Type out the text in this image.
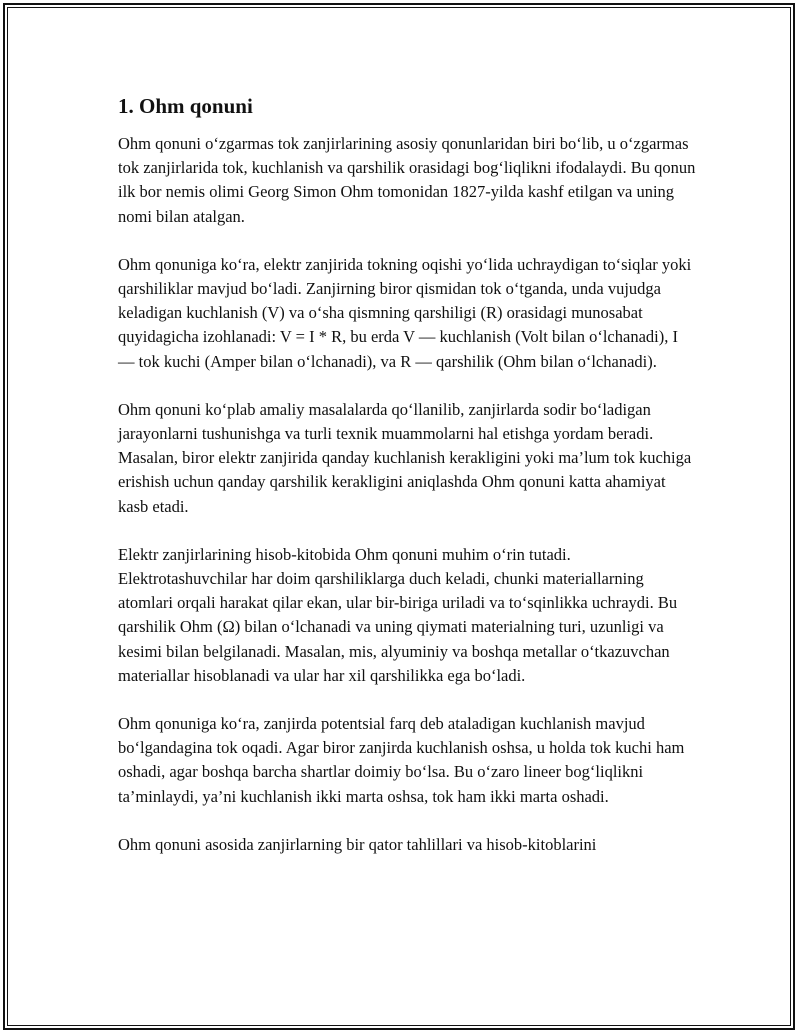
1. Ohm qonuni

Ohm qonuni o‘zgarmas tok zanjirlarining asosiy qonunlaridan biri bo‘lib, u o‘zgarmas tok zanjirlarida tok, kuchlanish va qarshilik orasidagi bog‘liqlikni ifodalaydi. Bu qonun ilk bor nemis olimi Georg Simon Ohm tomonidan 1827-yilda kashf etilgan va uning nomi bilan atalgan.

Ohm qonuniga ko‘ra, elektr zanjirida tokning oqishi yo‘lida uchraydigan to‘siqlar yoki qarshiliklar mavjud bo‘ladi. Zanjirning biror qismidan tok o‘tganda, unda vujudga keladigan kuchlanish (V) va o‘sha qismning qarshiligi (R) orasidagi munosabat quyidagicha izohlanadi: V = I * R, bu erda V — kuchlanish (Volt bilan o‘lchanadi), I — tok kuchi (Amper bilan o‘lchanadi), va R — qarshilik (Ohm bilan o‘lchanadi).

Ohm qonuni ko‘plab amaliy masalalarda qo‘llanilib, zanjirlarda sodir bo‘ladigan jarayonlarni tushunishga va turli texnik muammolarni hal etishga yordam beradi. Masalan, biror elektr zanjirida qanday kuchlanish kerakligini yoki ma’lum tok kuchiga erishish uchun qanday qarshilik kerakligini aniqlashda Ohm qonuni katta ahamiyat kasb etadi.

Elektr zanjirlarining hisob-kitobida Ohm qonuni muhim o‘rin tutadi. Elektrotashuvchilar har doim qarshiliklarga duch keladi, chunki materiallarning atomlari orqali harakat qilar ekan, ular bir-biriga uriladi va to‘sqinlikka uchraydi. Bu qarshilik Ohm (Ω) bilan o‘lchanadi va uning qiymati materialning turi, uzunligi va kesimi bilan belgilanadi. Masalan, mis, alyuminiy va boshqa metallar o‘tkazuvchan materiallar hisoblanadi va ular har xil qarshilikka ega bo‘ladi.

Ohm qonuniga ko‘ra, zanjirda potentsial farq deb ataladigan kuchlanish mavjud bo‘lgandagina tok oqadi. Agar biror zanjirda kuchlanish oshsa, u holda tok kuchi ham oshadi, agar boshqa barcha shartlar doimiy bo‘lsa. Bu o‘zaro lineer bog‘liqlikni ta’minlaydi, ya’ni kuchlanish ikki marta oshsa, tok ham ikki marta oshadi.

Ohm qonuni asosida zanjirlarning bir qator tahlillari va hisob-kitoblarini
